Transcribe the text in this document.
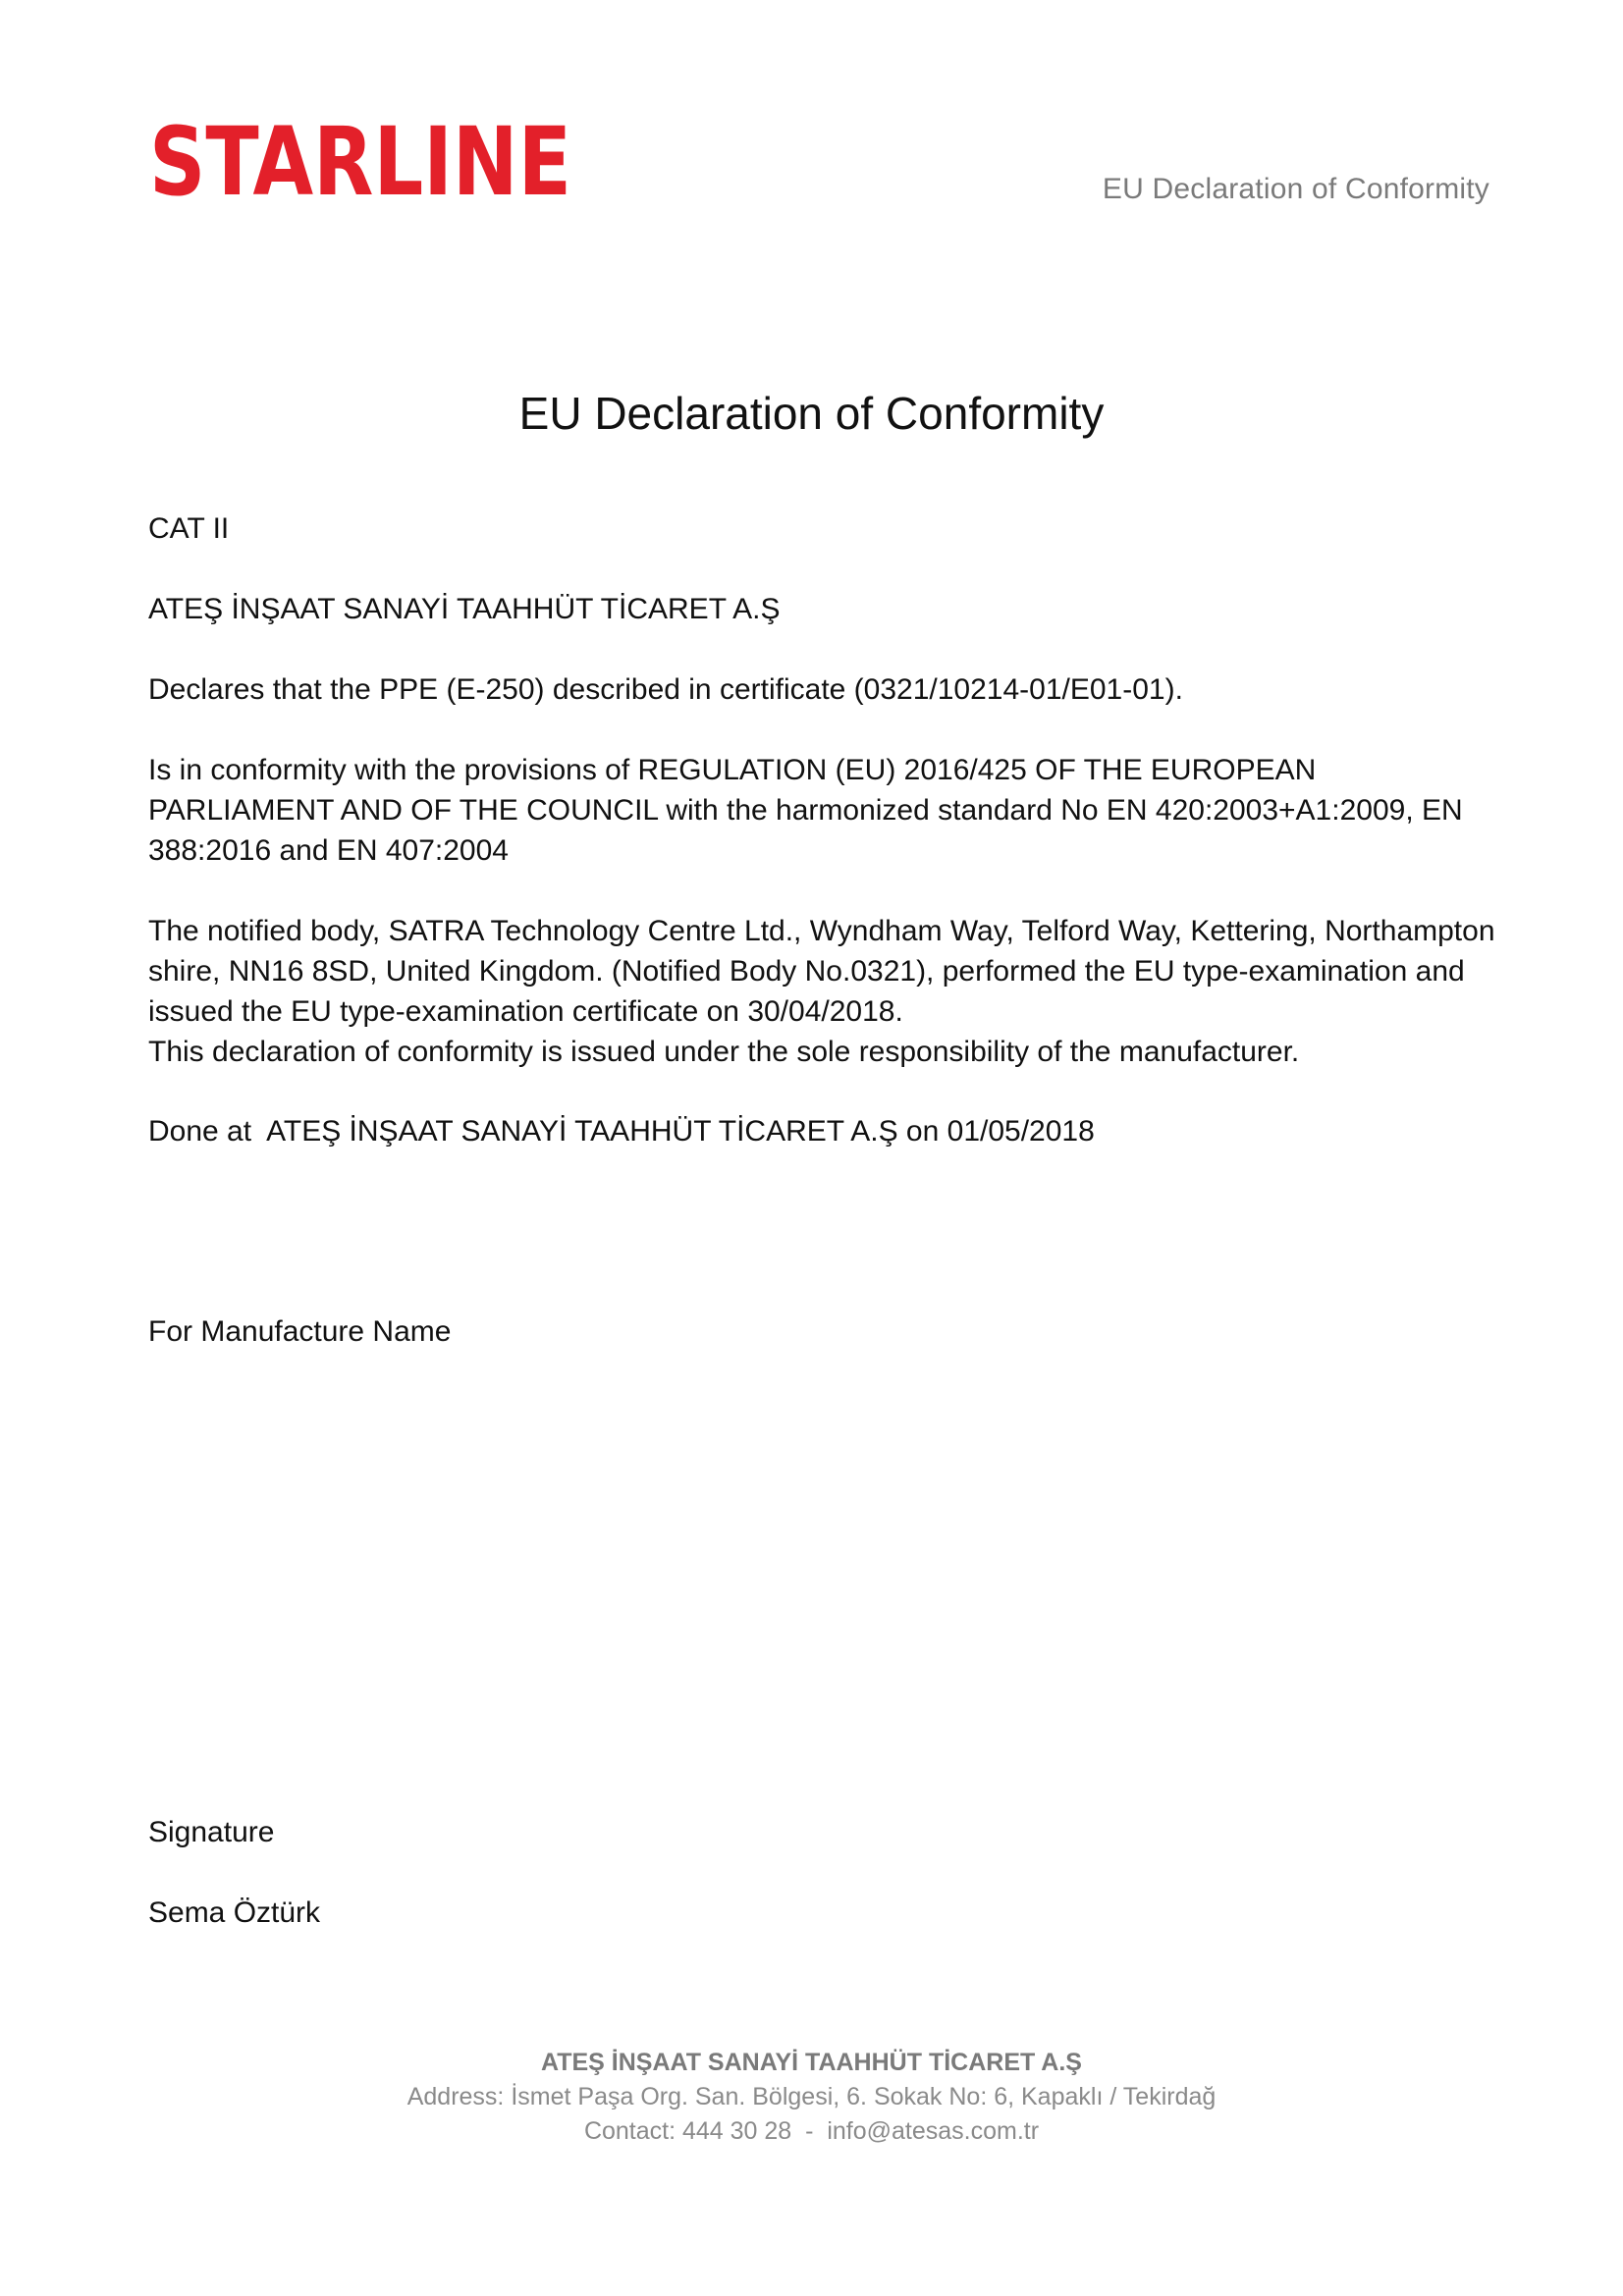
STARLINE	EU Declaration of Conformity
EU Declaration of Conformity

CAT II

ATEŞ İNŞAAT SANAYİ TAAHHÜT TİCARET A.Ş

Declares that the PPE (E-250) described in certificate (0321/10214-01/E01-01).

Is in conformity with the provisions of REGULATION (EU) 2016/425 OF THE EUROPEAN PARLIAMENT AND OF THE COUNCIL with the harmonized standard No EN 420:2003+A1:2009, EN 388:2016 and EN 407:2004

The notified body, SATRA Technology Centre Ltd., Wyndham Way, Telford Way, Kettering, Northampton shire, NN16 8SD, United Kingdom. (Notified Body No.0321), performed the EU type-examination and issued the EU type-examination certificate on 30/04/2018.

This declaration of conformity is issued under the sole responsibility of the manufacturer.

Done at  ATEŞ İNŞAAT SANAYİ TAAHHÜT TİCARET A.Ş on 01/05/2018

For Manufacture Name

Signature

Sema Öztürk

ATEŞ İNŞAAT SANAYİ TAAHHÜT TİCARET A.Ş
Address: İsmet Paşa Org. San. Bölgesi, 6. Sokak No: 6, Kapaklı / Tekirdağ
Contact: 444 30 28  -  info@atesas.com.tr
